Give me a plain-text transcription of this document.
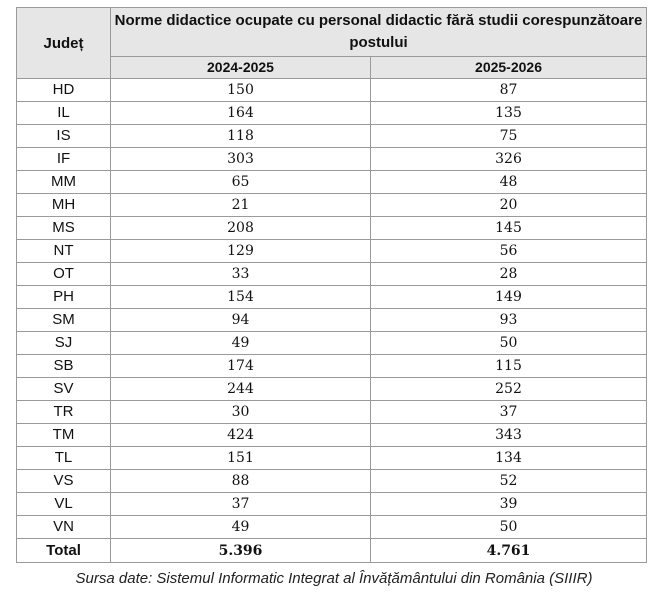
Județ	Norme didactice ocupate cu personal didactic fără studii corespunzătoare postului	
	2024-2025	2025-2026
HD	150	87
IL	164	135
IS	118	75
IF	303	326
MM	65	48
MH	21	20
MS	208	145
NT	129	56
OT	33	28
PH	154	149
SM	94	93
SJ	49	50
SB	174	115
SV	244	252
TR	30	37
TM	424	343
TL	151	134
VS	88	52
VL	37	39
VN	49	50
Total	5.396	4.761
Sursa date: Sistemul Informatic Integrat al Învățământului din România (SIIIR)
